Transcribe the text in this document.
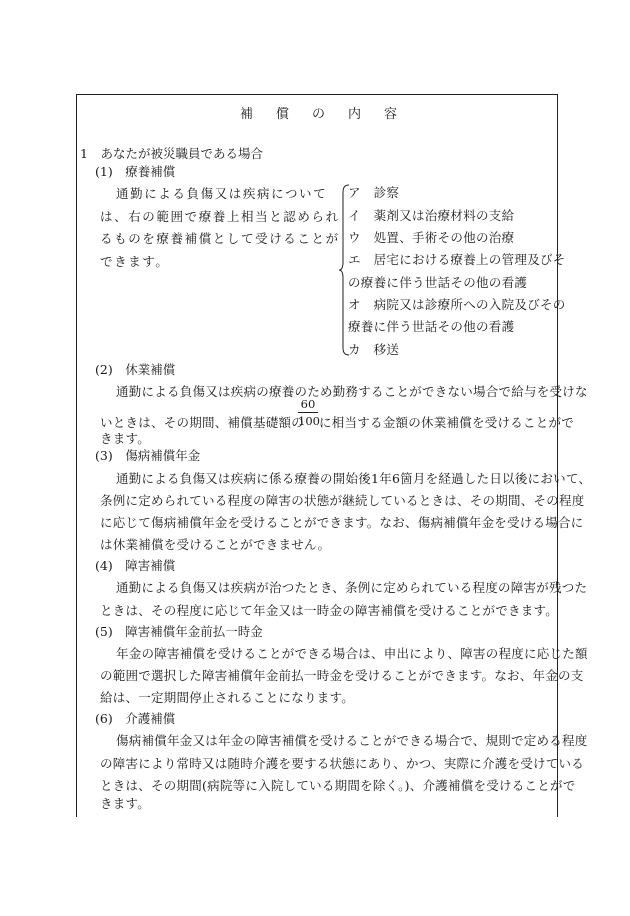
補償の内容
1　あなたが被災職員である場合
(1)　療養補償
通勤による負傷又は疾病について
は、右の範囲で療養上相当と認められ
るものを療養補償として受けることが
できます。
ア　診察
イ　薬剤又は治療材料の支給
ウ　処置、手術その他の治療
エ　居宅における療養上の管理及びそ
の療養に伴う世話その他の看護
オ　病院又は診療所への入院及びその
療養に伴う世話その他の看護
カ　移送
(2)　休業補償
通勤による負傷又は疾病の療養のため勤務することができない場合で給与を受けな
いときは、その期間、補償基礎額の
$\frac{60}{100}$ に相当する金額の休業補償を受けることがで
きます。
(3)　傷病補償年金
通勤による負傷又は疾病に係る療養の開始後1年6箇月を経過した日以後において、
条例に定められている程度の障害の状態が継続しているときは、その期間、その程度
に応じて傷病補償年金を受けることができます。なお、傷病補償年金を受ける場合に
は休業補償を受けることができません。
(4)　障害補償
通勤による負傷又は疾病が治つたとき、条例に定められている程度の障害が残つた
ときは、その程度に応じて年金又は一時金の障害補償を受けることができます。
(5)　障害補償年金前払一時金
年金の障害補償を受けることができる場合は、申出により、障害の程度に応じた額
の範囲で選択した障害補償年金前払一時金を受けることができます。なお、年金の支
給は、一定期間停止されることになります。
(6)　介護補償
傷病補償年金又は年金の障害補償を受けることができる場合で、規則で定める程度
の障害により常時又は随時介護を要する状態にあり、かつ、実際に介護を受けている
ときは、その期間(病院等に入院している期間を除く。)、介護補償を受けることがで
きます。
